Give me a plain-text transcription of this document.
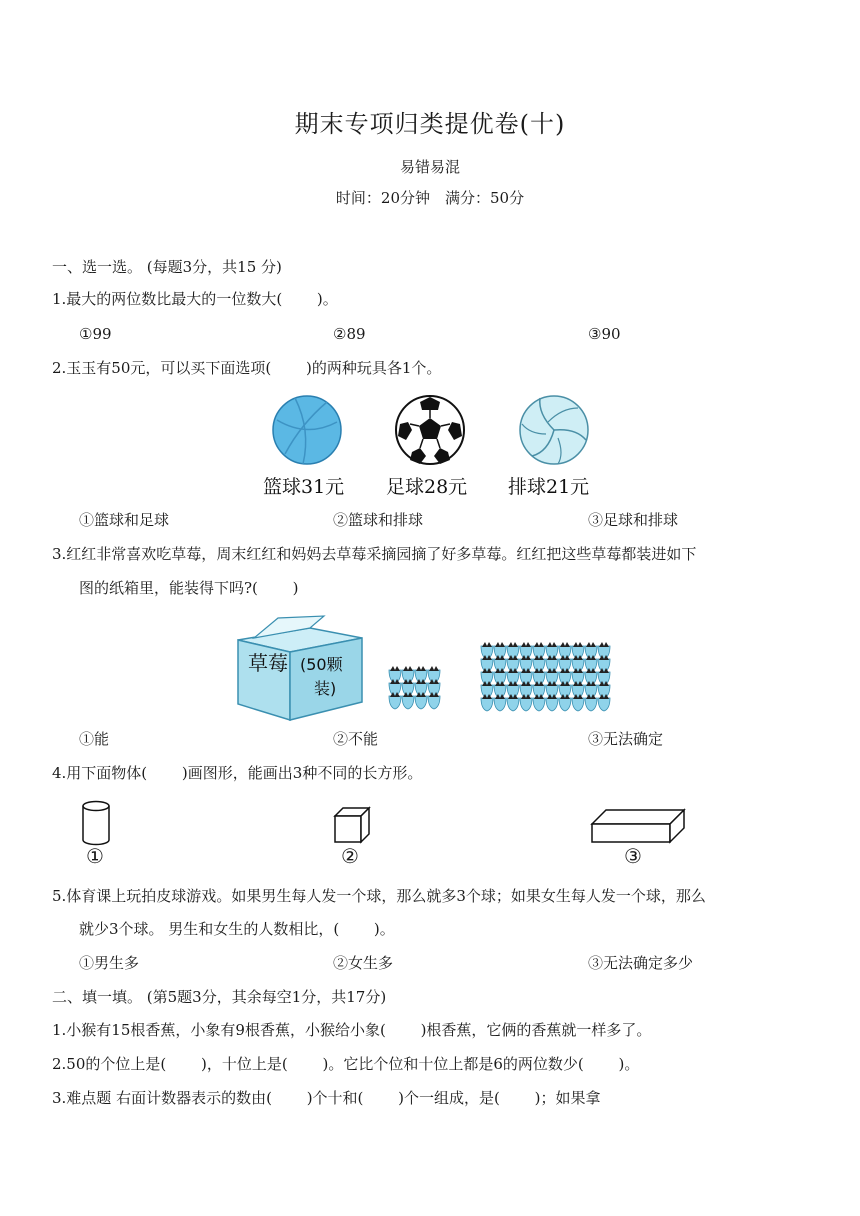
期末专项归类提优卷(十)
易错易混
时间：20分钟　满分：50分
一、选一选。 (每题3分，共15 分)
1.最大的两位数比最大的一位数大(　　 )。
①99	②89	③90
2.玉玉有50元，可以买下面选项(　　 )的两种玩具各1个。
篮球31元 足球28元 排球21元
①篮球和足球	②篮球和排球	③足球和排球
3.红红非常喜欢吃草莓，周末红红和妈妈去草莓采摘园摘了好多草莓。红红把这些草莓都装进如下
图的纸箱里，能装得下吗?(　　 )
草莓 (50颗
装)
①能	②不能	③无法确定
4.用下面物体(　　 )画图形，能画出3种不同的长方形。
①	②	③
5.体育课上玩拍皮球游戏。如果男生每人发一个球，那么就多3个球；如果女生每人发一个球，那么
就少3个球。 男生和女生的人数相比，(　　 )。
①男生多	②女生多	③无法确定多少
二、填一填。 (第5题3分，其余每空1分，共17分)
1.小猴有15根香蕉，小象有9根香蕉，小猴给小象(　　 )根香蕉，它俩的香蕉就一样多了。
2.50的个位上是(　　 )，十位上是(　　 )。它比个位和十位上都是6的两位数少(　　 )。
3.难点题 右面计数器表示的数由(　　 )个十和(　　 )个一组成，是(　　 )；如果拿
